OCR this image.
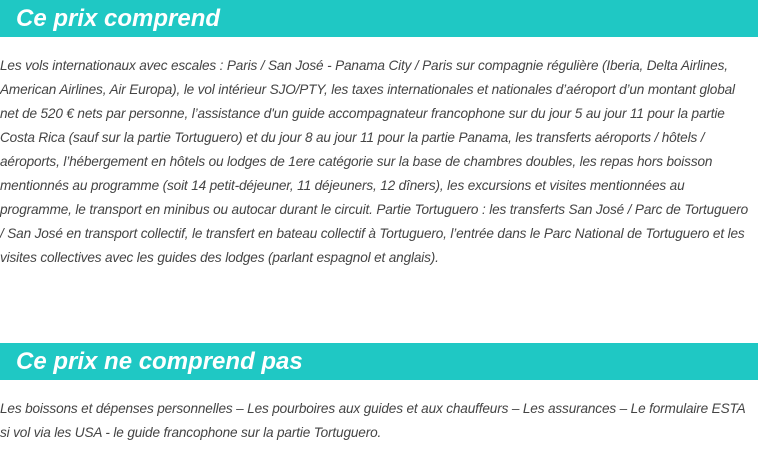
Ce prix comprend

Les vols internationaux avec escales : Paris / San José - Panama City / Paris sur compagnie régulière (Iberia, Delta Airlines, American Airlines, Air Europa), le vol intérieur SJO/PTY, les taxes internationales et nationales d’aéroport d’un montant global net de 520 € nets par personne, l’assistance d'un guide accompagnateur francophone sur du jour 5 au jour 11 pour la partie Costa Rica (sauf sur la partie Tortuguero) et du jour 8 au jour 11 pour la partie Panama, les transferts aéroports / hôtels / aéroports, l’hébergement en hôtels ou lodges de 1ere catégorie sur la base de chambres doubles, les repas hors boisson mentionnés au programme (soit 14 petit-déjeuner, 11 déjeuners, 12 dîners), les excursions et visites mentionnées au programme, le transport en minibus ou autocar durant le circuit. Partie Tortuguero : les transferts San José / Parc de Tortuguero / San José en transport collectif, le transfert en bateau collectif à Tortuguero, l’entrée dans le Parc National de Tortuguero et les visites collectives avec les guides des lodges (parlant espagnol et anglais).

Ce prix ne comprend pas

Les boissons et dépenses personnelles – Les pourboires aux guides et aux chauffeurs – Les assurances – Le formulaire ESTA si vol via les USA - le guide francophone sur la partie Tortuguero.
